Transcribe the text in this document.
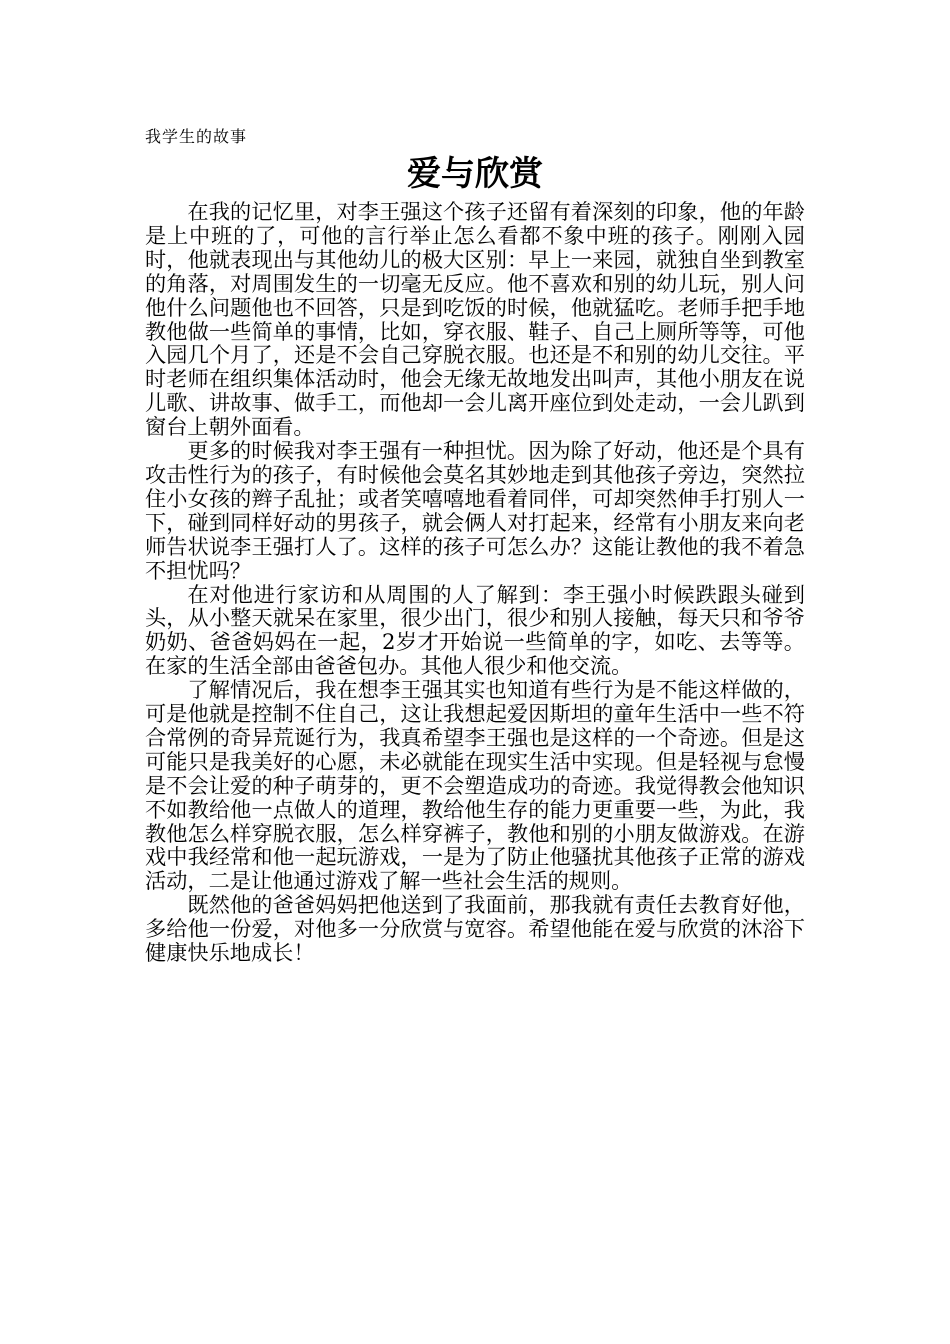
我学生的故事
爱与欣赏

在我的记忆里，对李王强这个孩子还留有着深刻的印象，他的年龄是上中班的了，可他的言行举止怎么看都不象中班的孩子。刚刚入园时，他就表现出与其他幼儿的极大区别：早上一来园，就独自坐到教室的角落，对周围发生的一切毫无反应。他不喜欢和别的幼儿玩，别人问他什么问题他也不回答，只是到吃饭的时候，他就猛吃。老师手把手地教他做一些简单的事情，比如，穿衣服、鞋子、自己上厕所等等，可他入园几个月了，还是不会自己穿脱衣服。也还是不和别的幼儿交往。平时老师在组织集体活动时，他会无缘无故地发出叫声，其他小朋友在说儿歌、讲故事、做手工，而他却一会儿离开座位到处走动，一会儿趴到窗台上朝外面看。

更多的时候我对李王强有一种担忧。因为除了好动，他还是个具有攻击性行为的孩子，有时候他会莫名其妙地走到其他孩子旁边，突然拉住小女孩的辫子乱扯；或者笑嘻嘻地看着同伴，可却突然伸手打别人一下，碰到同样好动的男孩子，就会俩人对打起来，经常有小朋友来向老师告状说李王强打人了。这样的孩子可怎么办？这能让教他的我不着急不担忧吗？

在对他进行家访和从周围的人了解到：李王强小时候跌跟头碰到头，从小整天就呆在家里，很少出门，很少和别人接触，每天只和爷爷奶奶、爸爸妈妈在一起，2岁才开始说一些简单的字，如吃、去等等。在家的生活全部由爸爸包办。其他人很少和他交流。

了解情况后，我在想李王强其实也知道有些行为是不能这样做的，可是他就是控制不住自己，这让我想起爱因斯坦的童年生活中一些不符合常例的奇异荒诞行为，我真希望李王强也是这样的一个奇迹。但是这可能只是我美好的心愿，未必就能在现实生活中实现。但是轻视与怠慢是不会让爱的种子萌芽的，更不会塑造成功的奇迹。我觉得教会他知识不如教给他一点做人的道理，教给他生存的能力更重要一些，为此，我教他怎么样穿脱衣服，怎么样穿裤子，教他和别的小朋友做游戏。在游戏中我经常和他一起玩游戏，一是为了防止他骚扰其他孩子正常的游戏活动，二是让他通过游戏了解一些社会生活的规则。

既然他的爸爸妈妈把他送到了我面前，那我就有责任去教育好他，多给他一份爱，对他多一分欣赏与宽容。希望他能在爱与欣赏的沐浴下健康快乐地成长！
